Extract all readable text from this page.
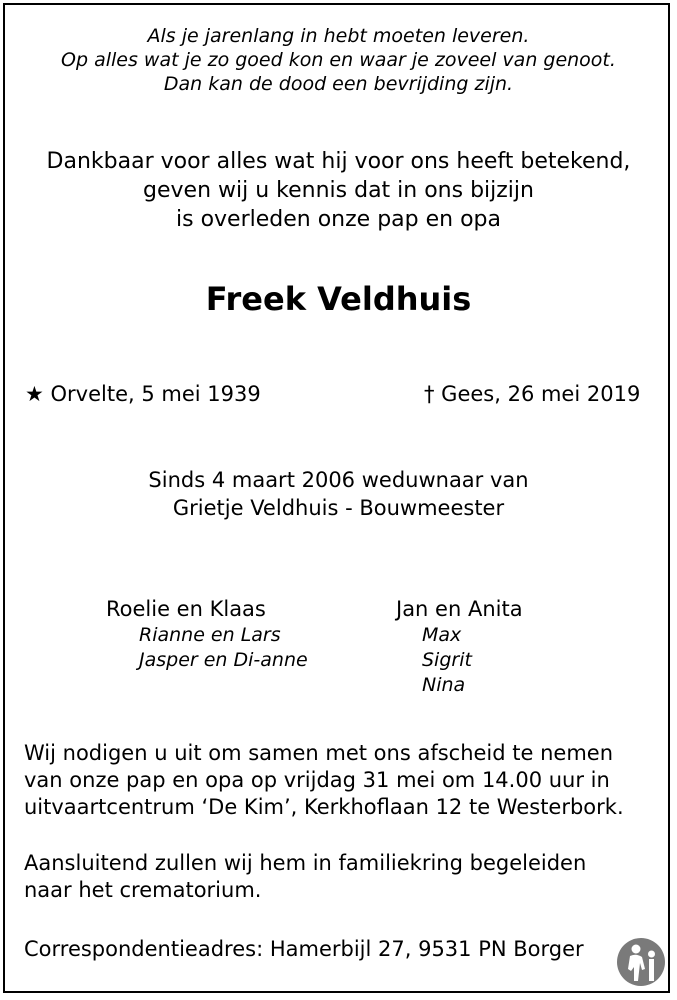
Als je jarenlang in hebt moeten leveren.
Op alles wat je zo goed kon en waar je zoveel van genoot.
Dan kan de dood een bevrijding zijn.
Dankbaar voor alles wat hij voor ons heeft betekend,
geven wij u kennis dat in ons bijzijn
is overleden onze pap en opa
Freek Veldhuis
★ Orvelte, 5 mei 1939	† Gees, 26 mei 2019
Sinds 4 maart 2006 weduwnaar van
Grietje Veldhuis - Bouwmeester
Roelie en Klaas
Rianne en Lars
Jasper en Di-anne
Jan en Anita
Max
Sigrit
Nina
Wij nodigen u uit om samen met ons afscheid te nemen
van onze pap en opa op vrijdag 31 mei om 14.00 uur in
uitvaartcentrum ‘De Kim’, Kerkhoflaan 12 te Westerbork.
Aansluitend zullen wij hem in familiekring begeleiden
naar het crematorium.
Correspondentieadres: Hamerbijl 27, 9531 PN Borger
